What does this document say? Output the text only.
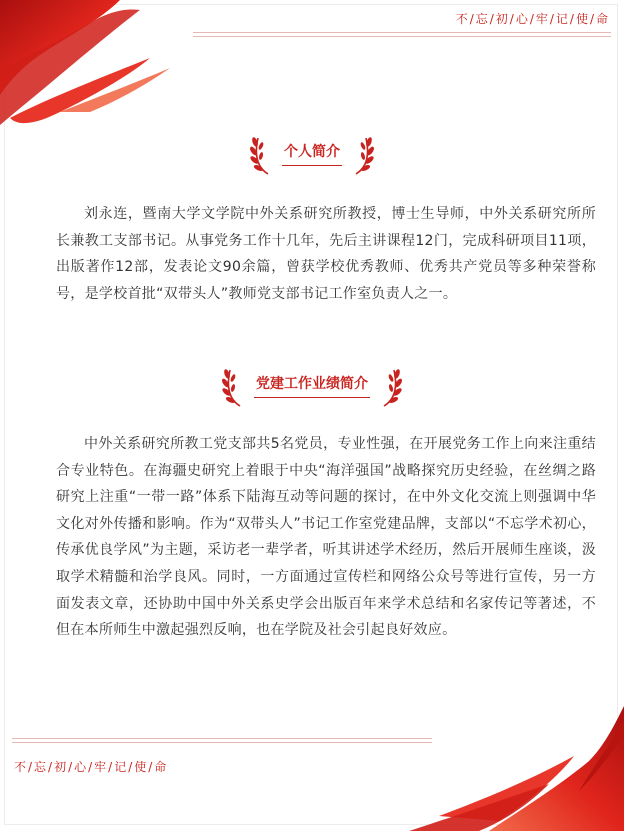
不/忘/初/心/牢/记/使/命
个人简介

刘永连，暨南大学文学院中外关系研究所教授，博士生导师，中外关系研究所所长兼教工支部书记。从事党务工作十几年，先后主讲课程12门，完成科研项目11项，出版著作12部，发表论文90余篇，曾获学校优秀教师、优秀共产党员等多种荣誉称号，是学校首批“双带头人”教师党支部书记工作室负责人之一。

党建工作业绩简介

中外关系研究所教工党支部共5名党员，专业性强，在开展党务工作上向来注重结合专业特色。在海疆史研究上着眼于中央“海洋强国”战略探究历史经验，在丝绸之路研究上注重“一带一路”体系下陆海互动等问题的探讨，在中外文化交流上则强调中华文化对外传播和影响。作为“双带头人”书记工作室党建品牌，支部以“不忘学术初心，传承优良学风”为主题，采访老一辈学者，听其讲述学术经历，然后开展师生座谈，汲取学术精髓和治学良风。同时，一方面通过宣传栏和网络公众号等进行宣传，另一方面发表文章，还协助中国中外关系史学会出版百年来学术总结和名家传记等著述，不但在本所师生中激起强烈反响，也在学院及社会引起良好效应。

不/忘/初/心/牢/记/使/命
